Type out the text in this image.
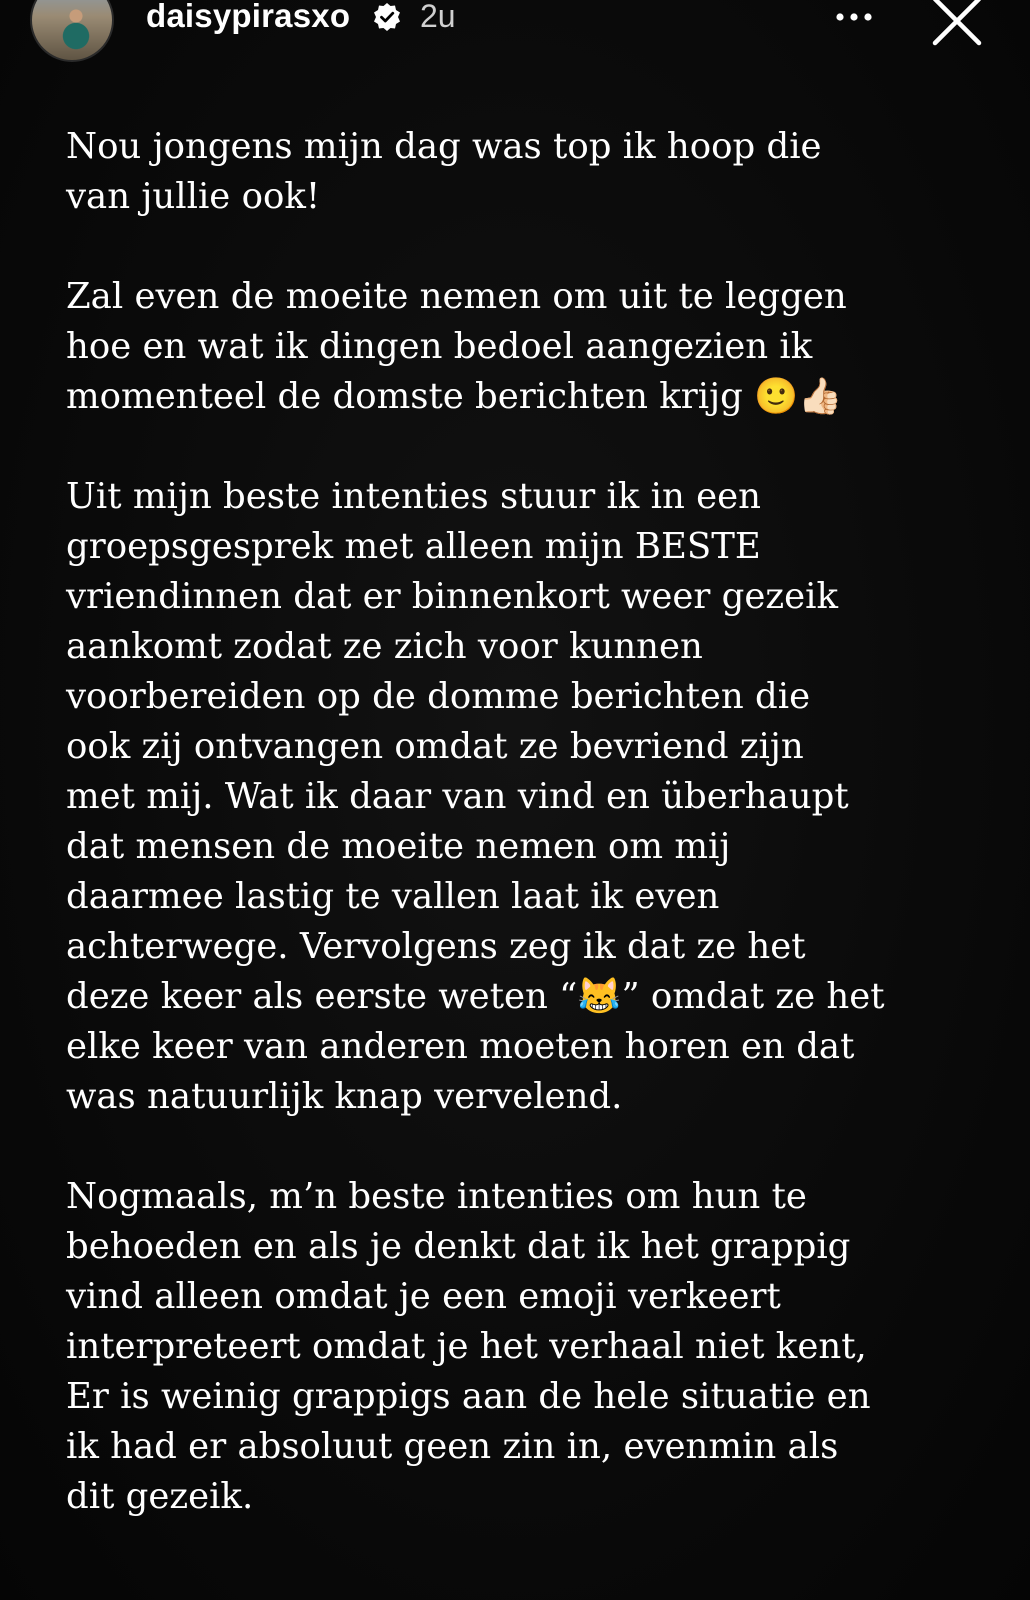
daisypirasxo 2u

Nou jongens mijn dag was top ik hoop die
van jullie ook!

Zal even de moeite nemen om uit te leggen
hoe en wat ik dingen bedoel aangezien ik
momenteel de domste berichten krijg 🙂👍🏻

Uit mijn beste intenties stuur ik in een
groepsgesprek met alleen mijn BESTE
vriendinnen dat er binnenkort weer gezeik
aankomt zodat ze zich voor kunnen
voorbereiden op de domme berichten die
ook zij ontvangen omdat ze bevriend zijn
met mij. Wat ik daar van vind en überhaupt
dat mensen de moeite nemen om mij
daarmee lastig te vallen laat ik even
achterwege. Vervolgens zeg ik dat ze het
deze keer als eerste weten “😹” omdat ze het
elke keer van anderen moeten horen en dat
was natuurlijk knap vervelend.

Nogmaals, m’n beste intenties om hun te
behoeden en als je denkt dat ik het grappig
vind alleen omdat je een emoji verkeert
interpreteert omdat je het verhaal niet kent,
Er is weinig grappigs aan de hele situatie en
ik had er absoluut geen zin in, evenmin als
dit gezeik.
